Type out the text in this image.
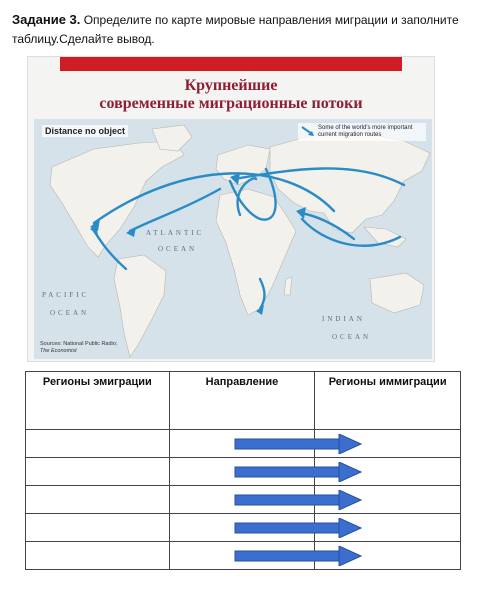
Задание 3. Определите по карте мировые направления миграции и заполните таблицу.Сделайте вывод.
Крупнейшие
современные миграционные потоки
Distance no object	Some of the world's more important current migration routes
ATLANTIC
OCEAN
PACIFIC
OCEAN
INDIAN
OCEAN
Sources: National Public Radio;
The Economist
Регионы эмиграции	Направление	Регионы иммиграции
